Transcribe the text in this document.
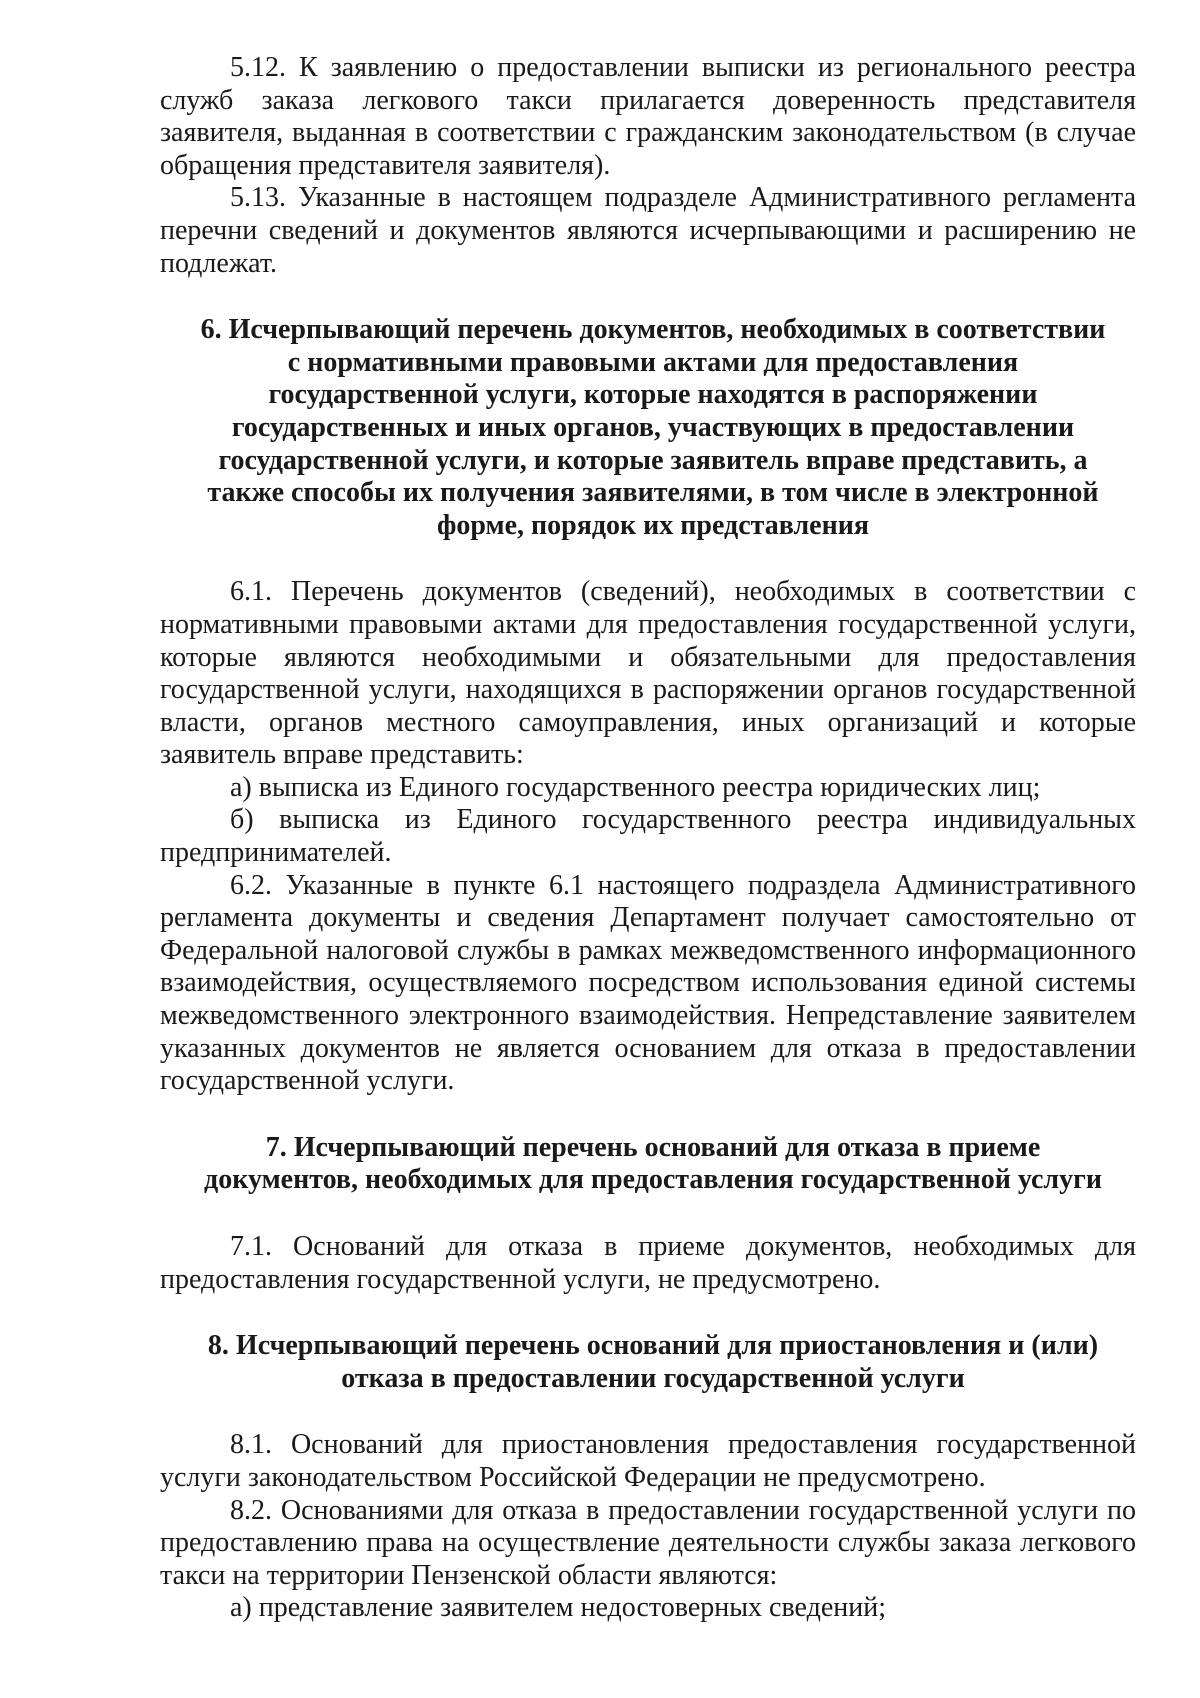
5.12. К заявлению о предоставлении выписки из регионального реестра служб заказа легкового такси прилагается доверенность представителя заявителя, выданная в соответствии с гражданским законодательством (в случае обращения представителя заявителя).

5.13. Указанные в настоящем подразделе Административного регламента перечни сведений и документов являются исчерпывающими и расширению не подлежат.

6. Исчерпывающий перечень документов, необходимых в соответствии с нормативными правовыми актами для предоставления государственной услуги, которые находятся в распоряжении государственных и иных органов, участвующих в предоставлении государственной услуги, и которые заявитель вправе представить, а также способы их получения заявителями, в том числе в электронной форме, порядок их представления

6.1. Перечень документов (сведений), необходимых в соответствии с нормативными правовыми актами для предоставления государственной услуги, которые являются необходимыми и обязательными для предоставления государственной услуги, находящихся в распоряжении органов государственной власти, органов местного самоуправления, иных организаций и которые заявитель вправе представить:

а) выписка из Единого государственного реестра юридических лиц;

б) выписка из Единого государственного реестра индивидуальных предпринимателей.

6.2. Указанные в пункте 6.1 настоящего подраздела Административного регламента документы и сведения Департамент получает самостоятельно от Федеральной налоговой службы в рамках межведомственного информационного взаимодействия, осуществляемого посредством использования единой системы межведомственного электронного взаимодействия. Непредставление заявителем указанных документов не является основанием для отказа в предоставлении государственной услуги.

7. Исчерпывающий перечень оснований для отказа в приеме документов, необходимых для предоставления государственной услуги

7.1. Оснований для отказа в приеме документов, необходимых для предоставления государственной услуги, не предусмотрено.

8. Исчерпывающий перечень оснований для приостановления и (или) отказа в предоставлении государственной услуги

8.1. Оснований для приостановления предоставления государственной услуги законодательством Российской Федерации не предусмотрено.

8.2. Основаниями для отказа в предоставлении государственной услуги по предоставлению права на осуществление деятельности службы заказа легкового такси на территории Пензенской области являются:

а) представление заявителем недостоверных сведений;
